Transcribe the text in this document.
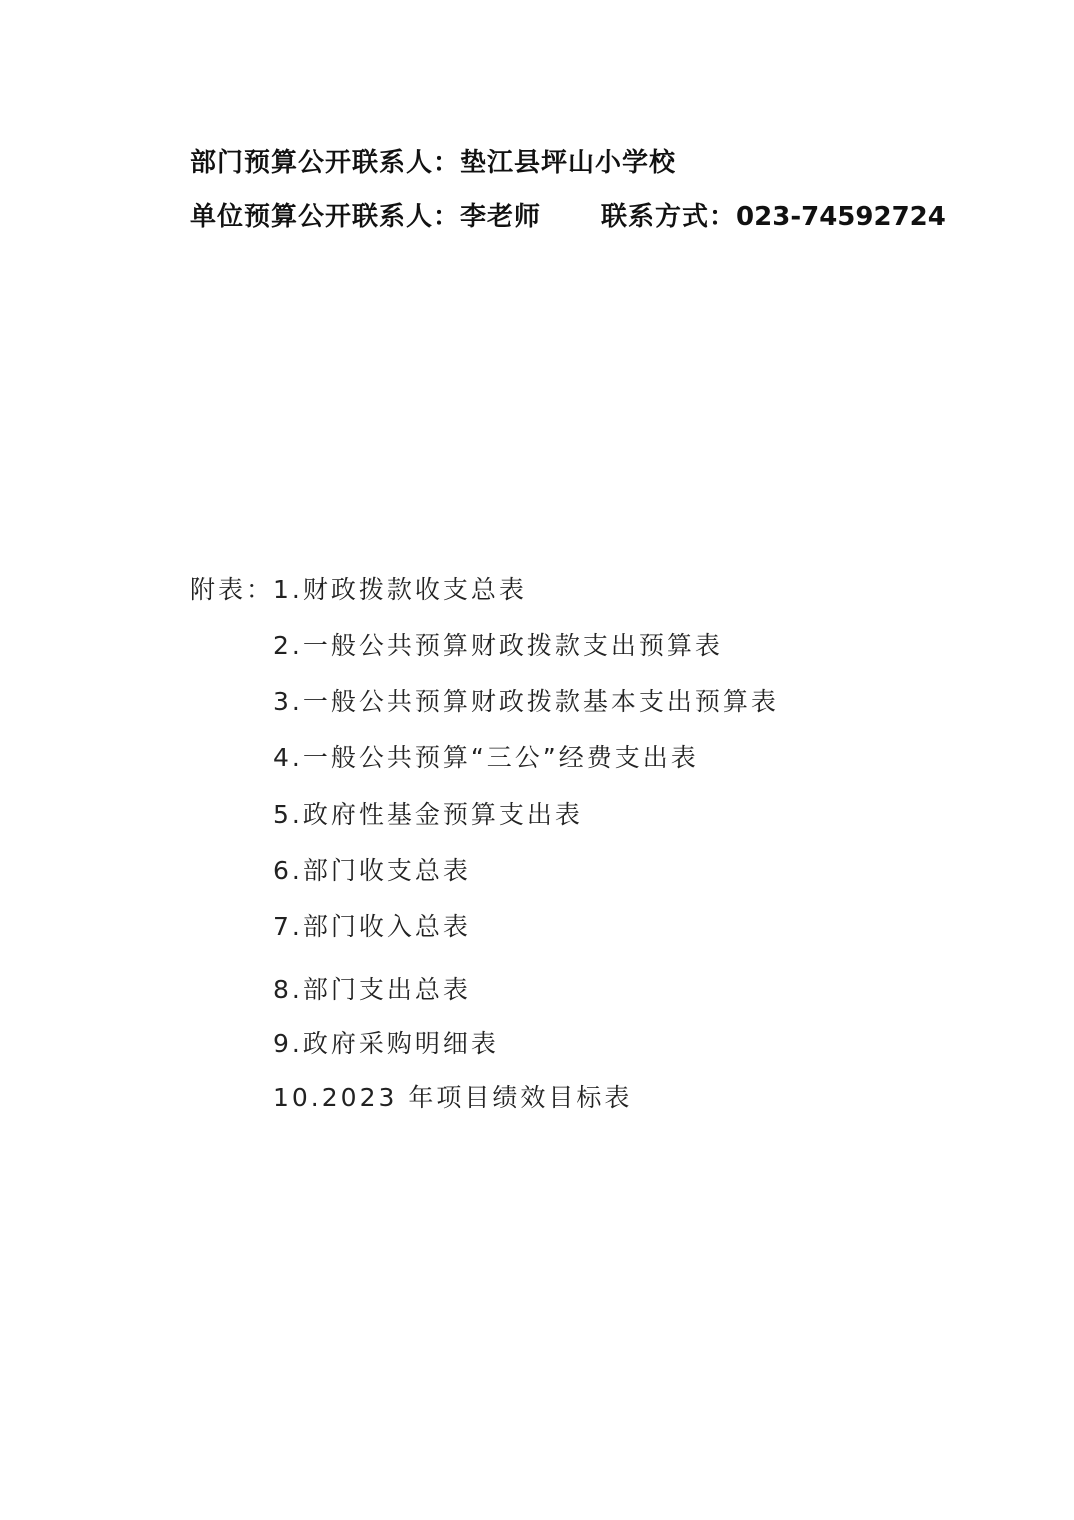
部门预算公开联系人：垫江县坪山小学校
单位预算公开联系人：李老师 联系方式：023-74592724
附表：
1.财政拨款收支总表
2.一般公共预算财政拨款支出预算表
3.一般公共预算财政拨款基本支出预算表
4.一般公共预算“三公”经费支出表
5.政府性基金预算支出表
6.部门收支总表
7.部门收入总表
8.部门支出总表
9.政府采购明细表
10.2023 年项目绩效目标表
